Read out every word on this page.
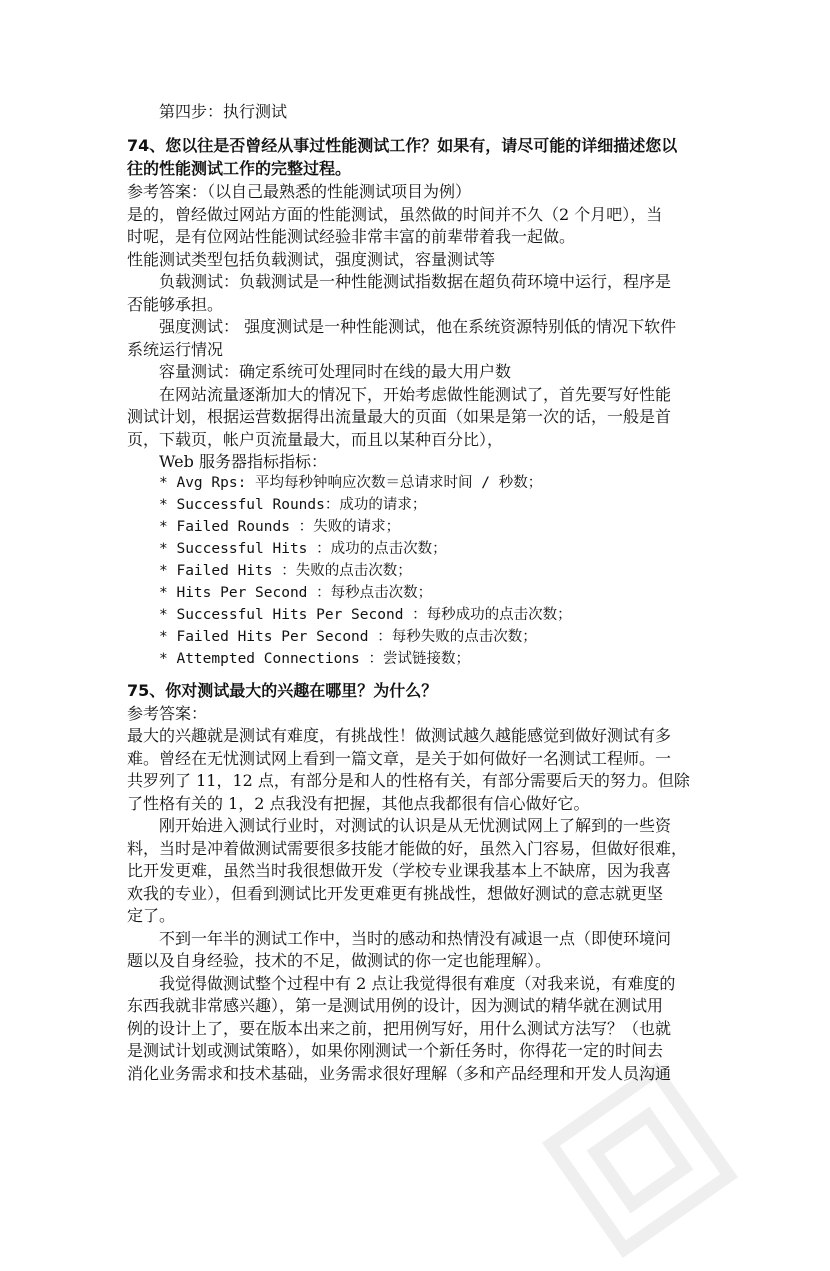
第四步：执行测试
74、您以往是否曾经从事过性能测试工作？如果有，请尽可能的详细描述您以
往的性能测试工作的完整过程。
参考答案：（以自己最熟悉的性能测试项目为例）
是的，曾经做过网站方面的性能测试，虽然做的时间并不久（2 个月吧），当
时呢，是有位网站性能测试经验非常丰富的前辈带着我一起做。
性能测试类型包括负载测试，强度测试，容量测试等
负载测试：负载测试是一种性能测试指数据在超负荷环境中运行，程序是
否能够承担。
强度测试： 强度测试是一种性能测试，他在系统资源特别低的情况下软件
系统运行情况
容量测试：确定系统可处理同时在线的最大用户数
在网站流量逐渐加大的情况下，开始考虑做性能测试了，首先要写好性能
测试计划，根据运营数据得出流量最大的页面（如果是第一次的话，一般是首
页，下载页，帐户页流量最大，而且以某种百分比），
Web 服务器指标指标：
* Avg Rps: 平均每秒钟响应次数＝总请求时间 / 秒数；
* Successful Rounds：成功的请求；
* Failed Rounds ：失败的请求；
* Successful Hits ：成功的点击次数；
* Failed Hits ：失败的点击次数；
* Hits Per Second ：每秒点击次数；
* Successful Hits Per Second ：每秒成功的点击次数；
* Failed Hits Per Second ：每秒失败的点击次数；
* Attempted Connections ：尝试链接数；
75、你对测试最大的兴趣在哪里？为什么？
参考答案：
最大的兴趣就是测试有难度，有挑战性！做测试越久越能感觉到做好测试有多
难。曾经在无忧测试网上看到一篇文章，是关于如何做好一名测试工程师。一
共罗列了 11，12 点，有部分是和人的性格有关，有部分需要后天的努力。但除
了性格有关的 1，2 点我没有把握，其他点我都很有信心做好它。
刚开始进入测试行业时，对测试的认识是从无忧测试网上了解到的一些资
料，当时是冲着做测试需要很多技能才能做的好，虽然入门容易，但做好很难，
比开发更难，虽然当时我很想做开发（学校专业课我基本上不缺席，因为我喜
欢我的专业），但看到测试比开发更难更有挑战性，想做好测试的意志就更坚
定了。
不到一年半的测试工作中，当时的感动和热情没有减退一点（即使环境问
题以及自身经验，技术的不足，做测试的你一定也能理解）。
我觉得做测试整个过程中有 2 点让我觉得很有难度（对我来说，有难度的
东西我就非常感兴趣），第一是测试用例的设计，因为测试的精华就在测试用
例的设计上了，要在版本出来之前，把用例写好，用什么测试方法写？（也就
是测试计划或测试策略），如果你刚测试一个新任务时，你得花一定的时间去
消化业务需求和技术基础，业务需求很好理解（多和产品经理和开发人员沟通
